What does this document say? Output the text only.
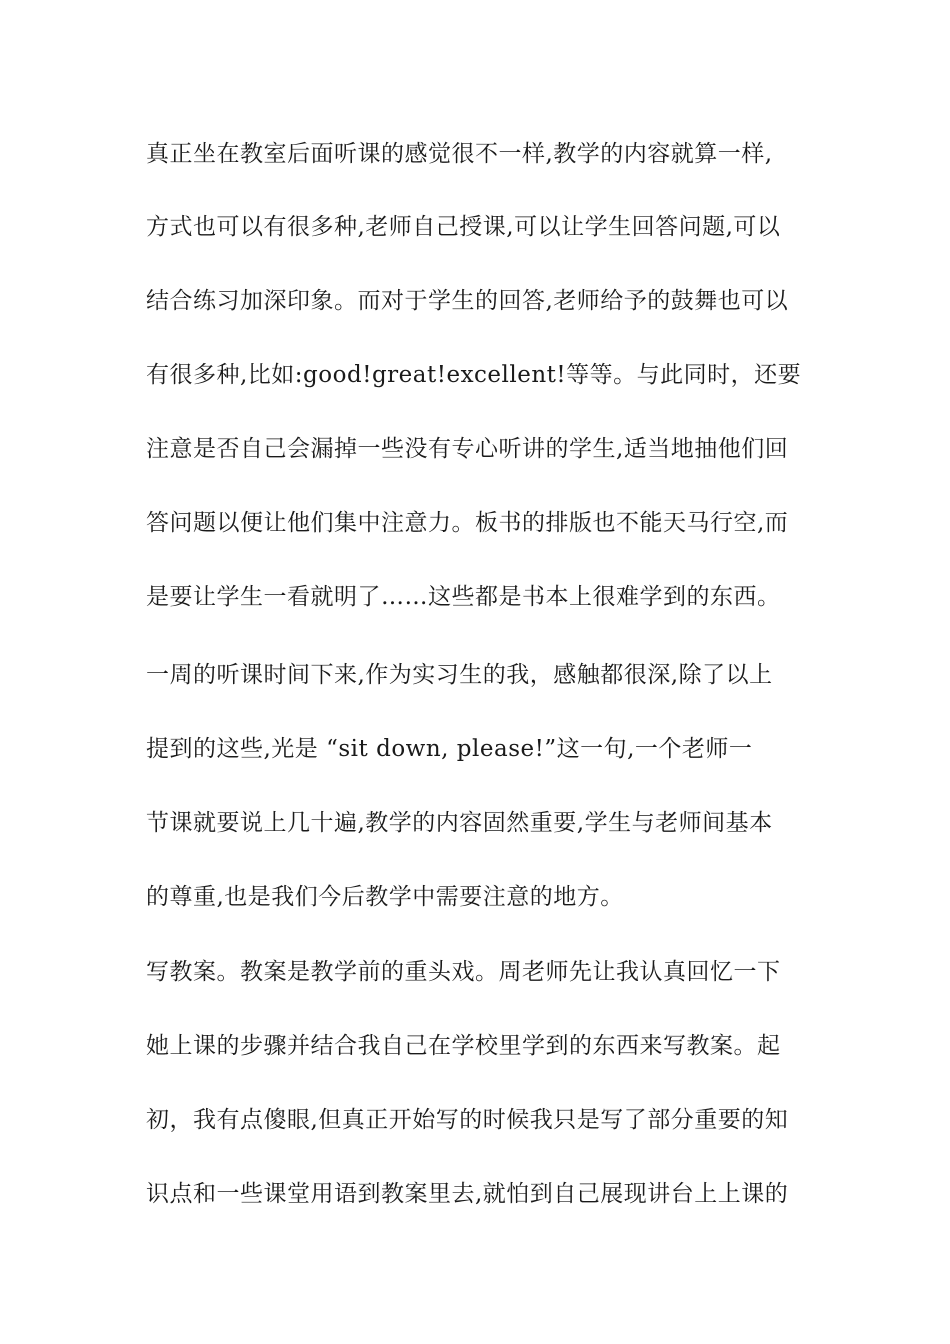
真正坐在教室后面听课的感觉很不一样,教学的内容就算一样,
方式也可以有很多种,老师自己授课,可以让学生回答问题,可以
结合练习加深印象。而对于学生的回答,老师给予的鼓舞也可以
有很多种,比如:good!great!excellent!等等。与此同时，还要
注意是否自己会漏掉一些没有专心听讲的学生,适当地抽他们回
答问题以便让他们集中注意力。板书的排版也不能天马行空,而
是要让学生一看就明了……这些都是书本上很难学到的东西。
一周的听课时间下来,作为实习生的我，感触都很深,除了以上
提到的这些,光是 “sit down, please!”这一句,一个老师一
节课就要说上几十遍,教学的内容固然重要,学生与老师间基本
的尊重,也是我们今后教学中需要注意的地方。
写教案。教案是教学前的重头戏。周老师先让我认真回忆一下
她上课的步骤并结合我自己在学校里学到的东西来写教案。起
初，我有点傻眼,但真正开始写的时候我只是写了部分重要的知
识点和一些课堂用语到教案里去,就怕到自己展现讲台上上课的
